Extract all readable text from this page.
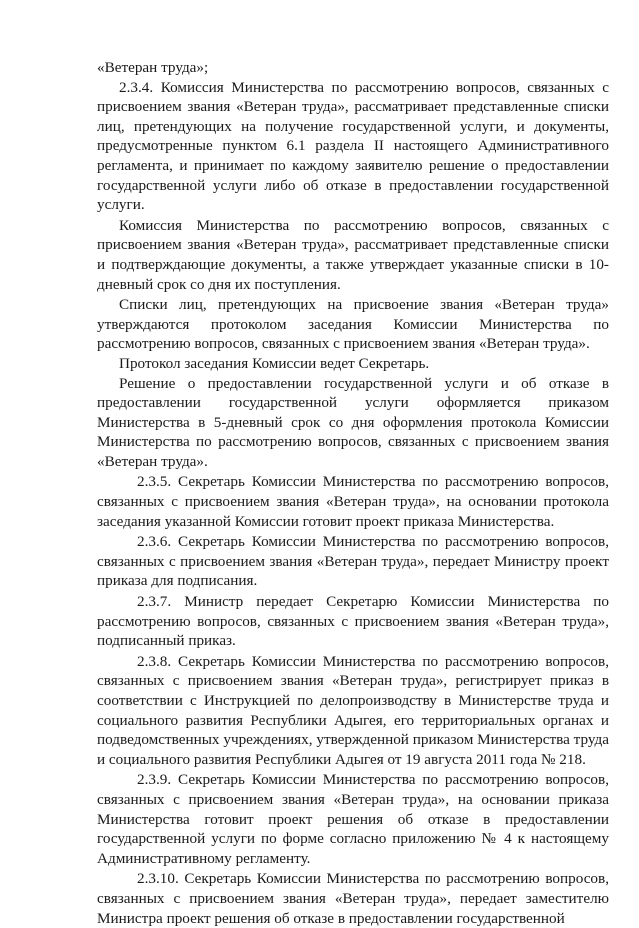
«Ветеран труда»;

2.3.4. Комиссия Министерства по рассмотрению вопросов, связанных с присвоением звания «Ветеран труда», рассматривает представленные списки лиц, претендующих на получение государственной услуги, и документы, предусмотренные пунктом 6.1 раздела II настоящего Административного регламента, и принимает по каждому заявителю решение о предоставлении государственной услуги либо об отказе в предоставлении государственной услуги.

Комиссия Министерства по рассмотрению вопросов, связанных с присвоением звания «Ветеран труда», рассматривает представленные списки и подтверждающие документы, а также утверждает указанные списки в 10-дневный срок со дня их поступления.

Списки лиц, претендующих на присвоение звания «Ветеран труда» утверждаются протоколом заседания Комиссии Министерства по рассмотрению вопросов, связанных с присвоением звания «Ветеран труда».

Протокол заседания Комиссии ведет Секретарь.

Решение о предоставлении государственной услуги и об отказе в предоставлении государственной услуги оформляется приказом Министерства в 5-дневный срок со дня оформления протокола Комиссии Министерства по рассмотрению вопросов, связанных с присвоением звания «Ветеран труда».

2.3.5. Секретарь Комиссии Министерства по рассмотрению вопросов, связанных с присвоением звания «Ветеран труда», на основании протокола заседания указанной Комиссии готовит проект приказа Министерства.

2.3.6. Секретарь Комиссии Министерства по рассмотрению вопросов, связанных с присвоением звания «Ветеран труда», передает Министру проект приказа для подписания.

2.3.7. Министр передает Секретарю Комиссии Министерства по рассмотрению вопросов, связанных с присвоением звания «Ветеран труда», подписанный приказ.

2.3.8. Секретарь Комиссии Министерства по рассмотрению вопросов, связанных с присвоением звания «Ветеран труда», регистрирует приказ в соответствии с Инструкцией по делопроизводству в Министерстве труда и социального развития Республики Адыгея, его территориальных органах и подведомственных учреждениях, утвержденной приказом Министерства труда и социального развития Республики Адыгея от 19 августа 2011 года № 218.

2.3.9. Секретарь Комиссии Министерства по рассмотрению вопросов, связанных с присвоением звания «Ветеран труда», на основании приказа Министерства готовит проект решения об отказе в предоставлении государственной услуги по форме согласно приложению № 4 к настоящему Административному регламенту.

2.3.10. Секретарь Комиссии Министерства по рассмотрению вопросов, связанных с присвоением звания «Ветеран труда», передает заместителю Министра проект решения об отказе в предоставлении государственной
